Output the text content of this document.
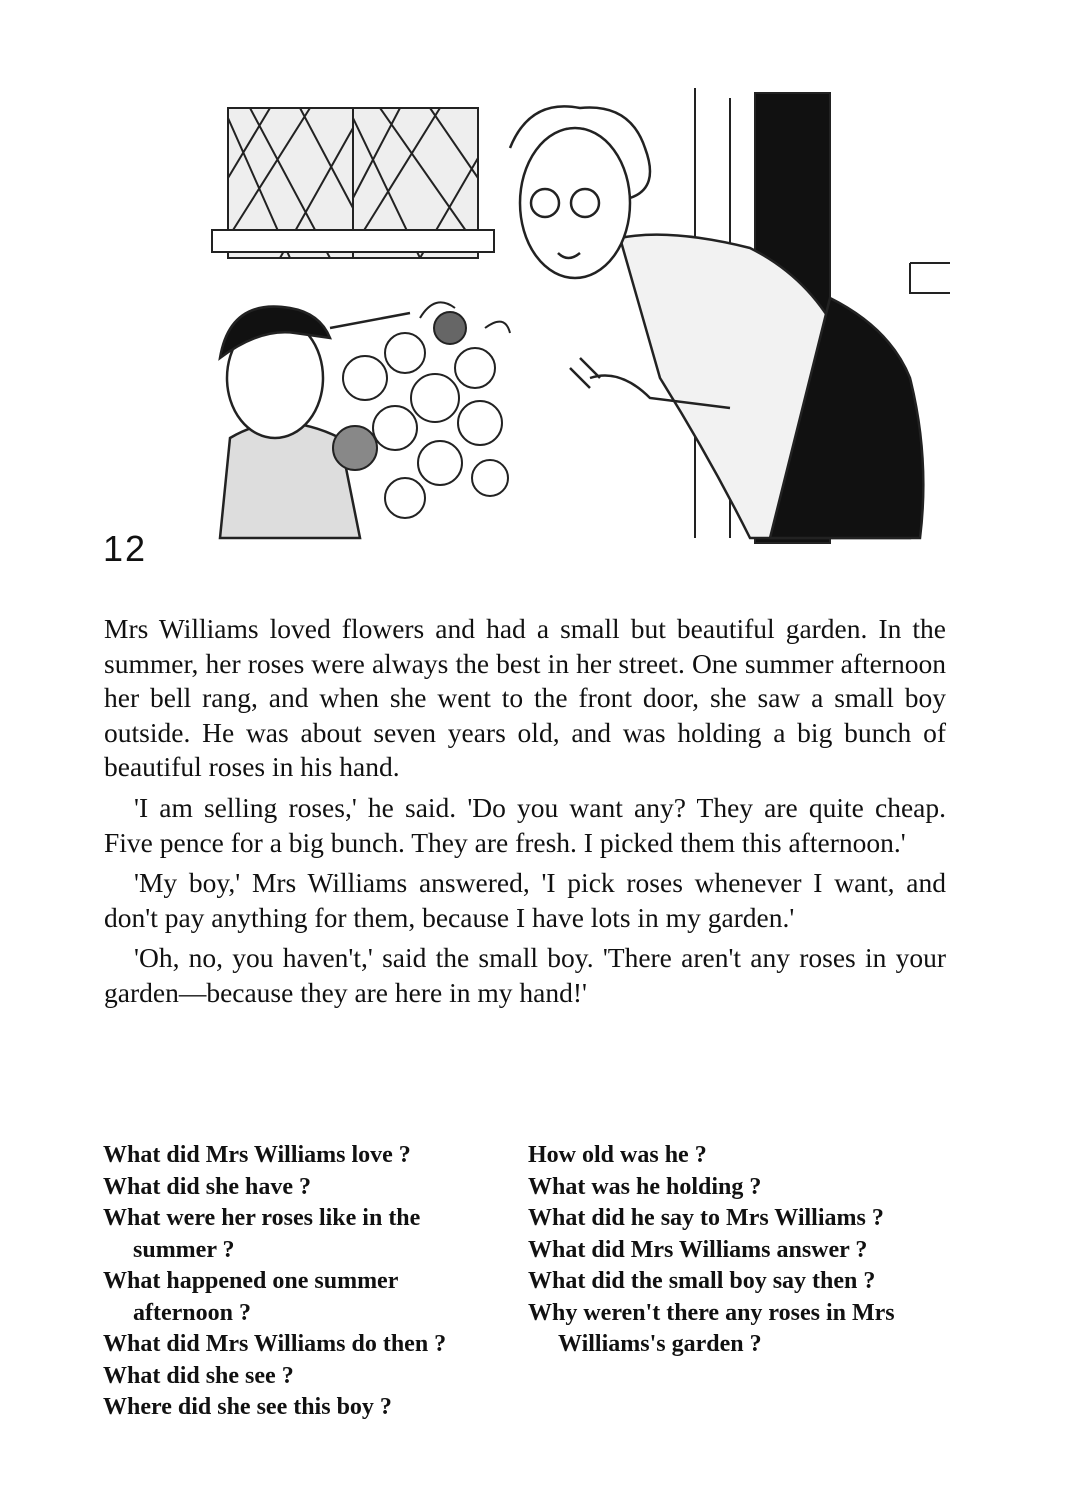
12

Mrs Williams loved flowers and had a small but beautiful garden. In the summer, her roses were always the best in her street. One summer afternoon her bell rang, and when she went to the front door, she saw a small boy outside. He was about seven years old, and was holding a big bunch of beautiful roses in his hand.

'I am selling roses,' he said. 'Do you want any? They are quite cheap. Five pence for a big bunch. They are fresh. I picked them this afternoon.'

'My boy,' Mrs Williams answered, 'I pick roses whenever I want, and don't pay anything for them, because I have lots in my garden.'

'Oh, no, you haven't,' said the small boy. 'There aren't any roses in your garden—because they are here in my hand!'

What did Mrs Williams love ?
What did she have ?
What were her roses like in the summer ?
What happened one summer afternoon ?
What did Mrs Williams do then ?
What did she see ?
Where did she see this boy ?
How old was he ?
What was he holding ?
What did he say to Mrs Williams ?
What did Mrs Williams answer ?
What did the small boy say then ?
Why weren't there any roses in Mrs Williams's garden ?
